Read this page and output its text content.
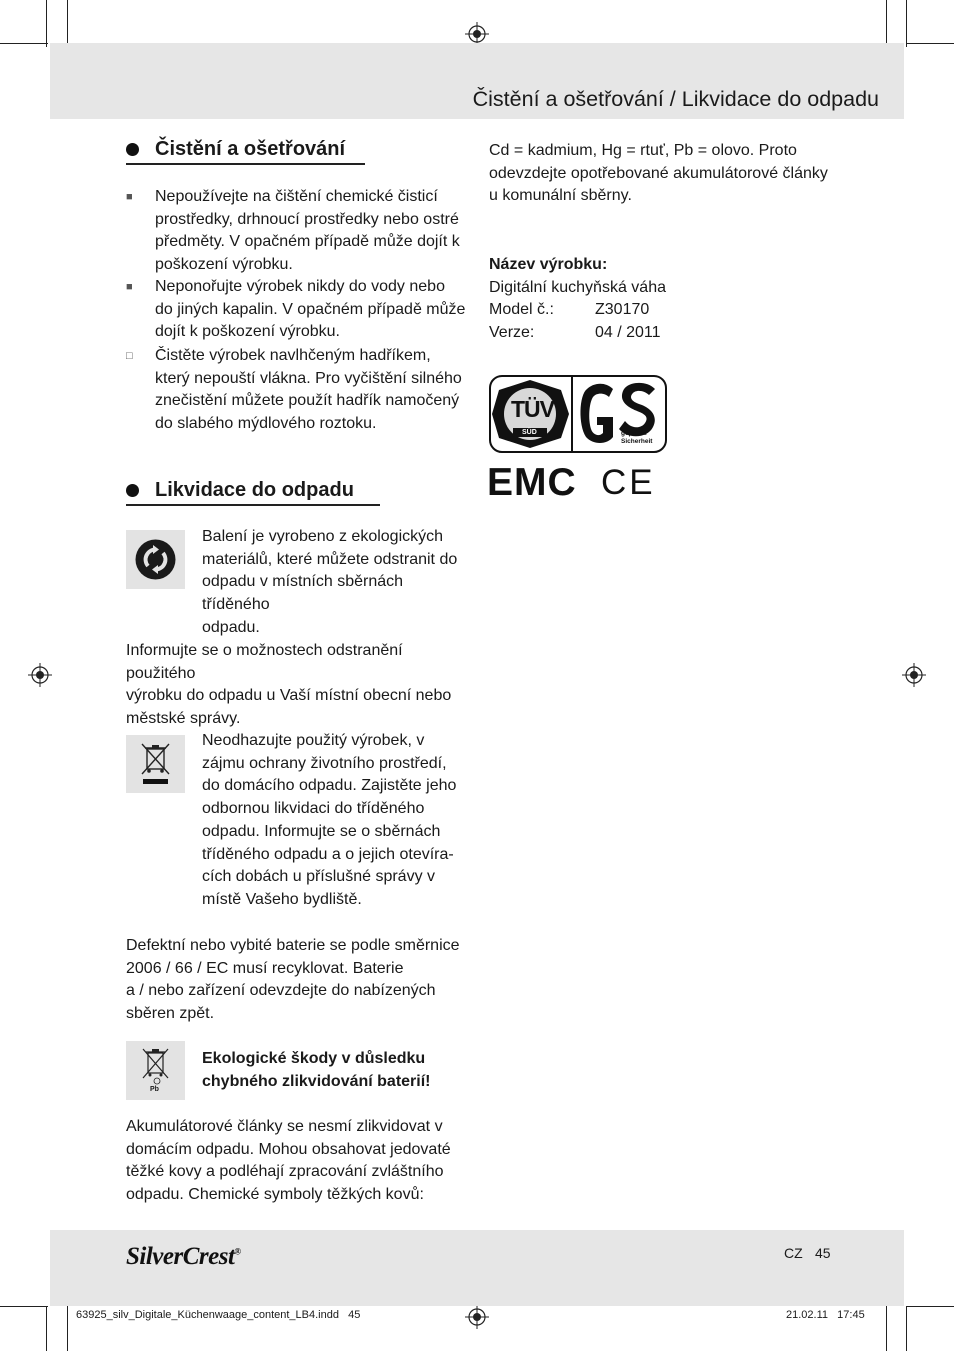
Čistění a ošetřování / Likvidace do odpadu
Čistění a ošetřování
■	Nepoužívejte na čištění chemické čisticí
prostředky, drhnoucí prostředky nebo ostré
předměty. V opačném případě může dojít k
poškození výrobku.
■	Neponořujte výrobek nikdy do vody nebo
do jiných kapalin. V opačném případě může
dojít k poškození výrobku.
□	Čistěte výrobek navlhčeným hadříkem,
který nepouští vlákna. Pro vyčištění silného
znečistění můžete použít hadřík namočený
do slabého mýdlového roztoku.
Likvidace do odpadu
Balení je vyrobeno z ekologických
materiálů, které můžete odstranit do
odpadu v místních sběrnách tříděného
odpadu.
Informujte se o možnostech odstranění použitého
výrobku do odpadu u Vaší místní obecní nebo
městské správy.
Neodhazujte použitý výrobek, v
zájmu ochrany životního prostředí,
do domácího odpadu. Zajistěte jeho
odbornou likvidaci do tříděného
odpadu. Informujte se o sběrnách
tříděného odpadu a o jejich otevíra-
cích dobách u příslušné správy v
místě Vašeho bydliště.
Defektní nebo vybité baterie se podle směrnice
2006 / 66 / EC musí recyklovat. Baterie
a / nebo zařízení odevzdejte do nabízených
sběren zpět.
Pb
Ekologické škody v důsledku
chybného zlikvidování baterií!
Akumulátorové články se nesmí zlikvidovat v
domácím odpadu. Mohou obsahovat jedovaté
těžké kovy a podléhají zpracování zvláštního
odpadu. Chemické symboly těžkých kovů:
Cd = kadmium, Hg = rtuť, Pb = olovo. Proto
odevzdejte opotřebované akumulátorové články
u komunální sběrny.
Název výrobku:
Digitální kuchyňská váha
Model č.:	Z30170
Verze:	04 / 2011
TÜV
SÜD	geprüfte
Sicherheit
EMC CE
SilverCrest®	CZ 45
63925_silv_Digitale_Küchenwaage_content_LB4.indd   45	21.02.11   17:45
